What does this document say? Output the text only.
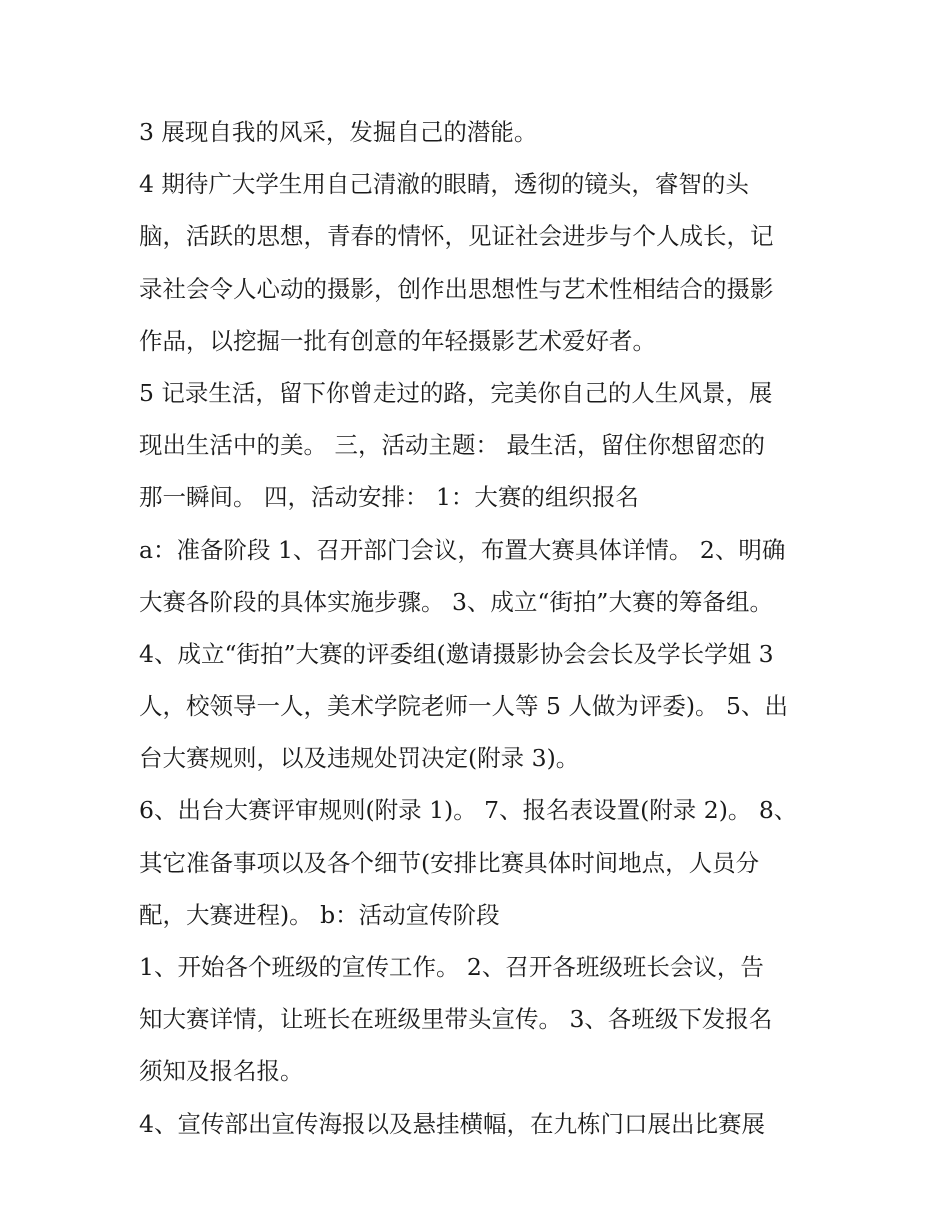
3 展现自我的风采，发掘自己的潜能。
4 期待广大学生用自己清澈的眼睛，透彻的镜头，睿智的头
脑，活跃的思想，青春的情怀，见证社会进步与个人成长，记
录社会令人心动的摄影，创作出思想性与艺术性相结合的摄影
作品，以挖掘一批有创意的年轻摄影艺术爱好者。
5 记录生活，留下你曾走过的路，完美你自己的人生风景，展
现出生活中的美。 三，活动主题： 最生活，留住你想留恋的
那一瞬间。 四，活动安排： 1：大赛的组织报名
a：准备阶段 1、召开部门会议，布置大赛具体详情。 2、明确
大赛各阶段的具体实施步骤。 3、成立“街拍”大赛的筹备组。
4、成立“街拍”大赛的评委组(邀请摄影协会会长及学长学姐 3
人，校领导一人，美术学院老师一人等 5 人做为评委)。 5、出
台大赛规则，以及违规处罚决定(附录 3)。
6、出台大赛评审规则(附录 1)。 7、报名表设置(附录 2)。 8、
其它准备事项以及各个细节(安排比赛具体时间地点，人员分
配，大赛进程)。 b：活动宣传阶段
1、开始各个班级的宣传工作。 2、召开各班级班长会议，告
知大赛详情，让班长在班级里带头宣传。 3、各班级下发报名
须知及报名报。
4、宣传部出宣传海报以及悬挂横幅，在九栋门口展出比赛展
